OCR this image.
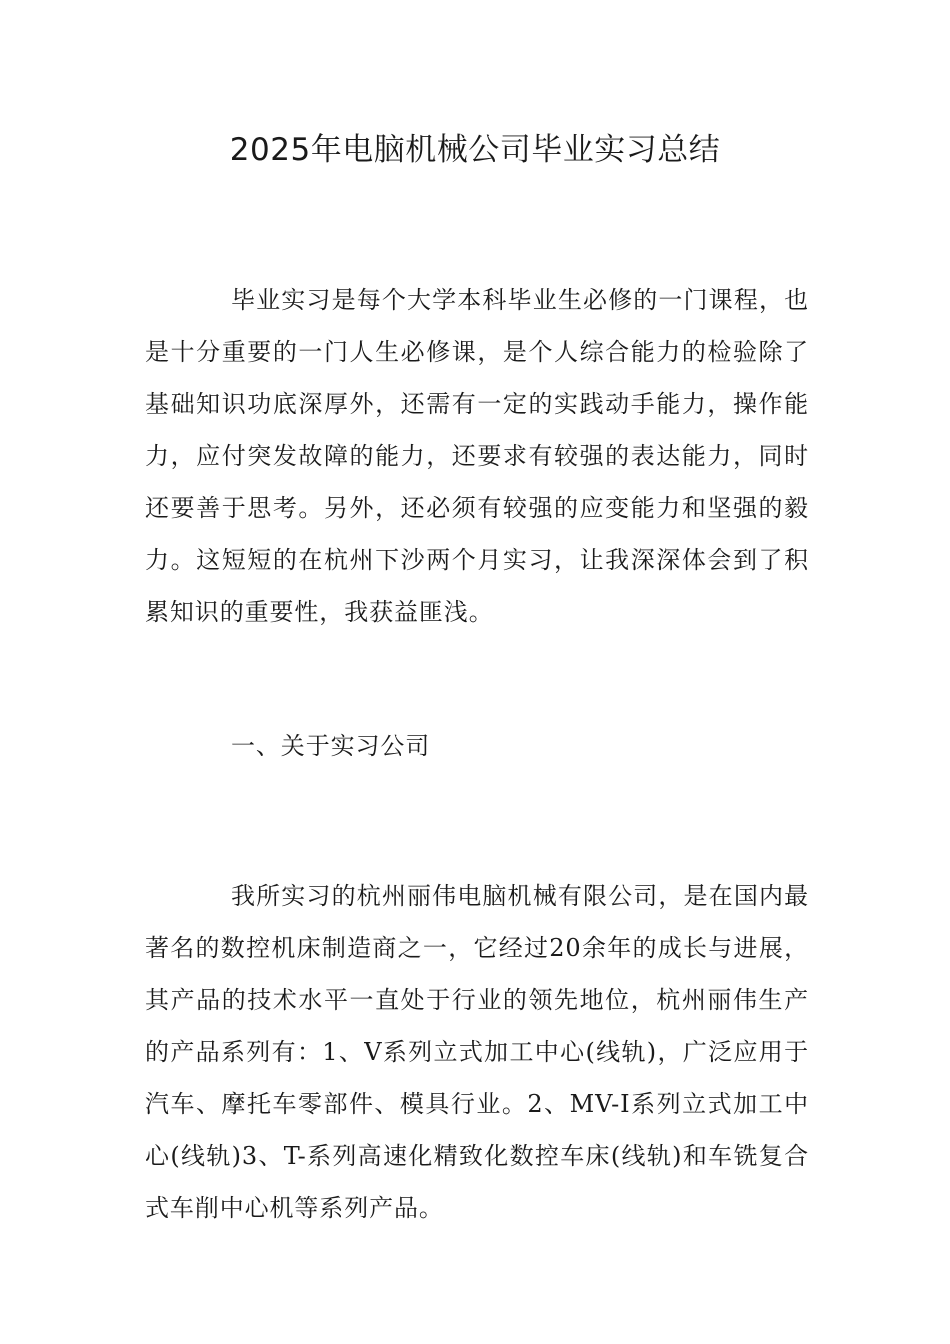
2025年电脑机械公司毕业实习总结

毕业实习是每个大学本科毕业生必修的一门课程，也是十分重要的一门人生必修课，是个人综合能力的检验除了基础知识功底深厚外，还需有一定的实践动手能力，操作能力，应付突发故障的能力，还要求有较强的表达能力，同时还要善于思考。另外，还必须有较强的应变能力和坚强的毅力。这短短的在杭州下沙两个月实习，让我深深体会到了积累知识的重要性，我获益匪浅。

一、关于实习公司

我所实习的杭州丽伟电脑机械有限公司，是在国内最著名的数控机床制造商之一，它经过20余年的成长与进展，其产品的技术水平一直处于行业的领先地位，杭州丽伟生产的产品系列有：1、V系列立式加工中心(线轨)，广泛应用于汽车、摩托车零部件、模具行业。2、MV-I系列立式加工中心(线轨)3、T-系列高速化精致化数控车床(线轨)和车铣复合式车削中心机等系列产品。
